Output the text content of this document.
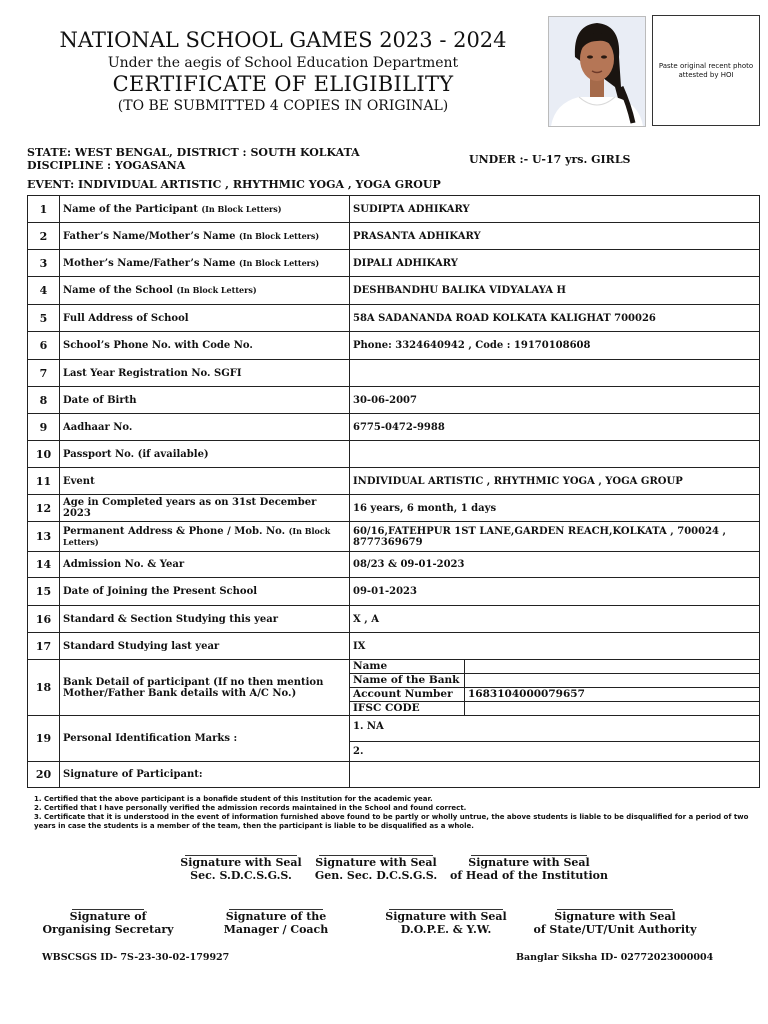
NATIONAL SCHOOL GAMES 2023 - 2024
Under the aegis of School Education Department
CERTIFICATE OF ELIGIBILITY
(TO BE SUBMITTED 4 COPIES IN ORIGINAL)
Paste original recent photo attested by HOI
STATE: WEST BENGAL, DISTRICT : SOUTH KOLKATA
DISCIPLINE : YOGASANA	UNDER :- U-17 yrs. GIRLS
EVENT: INDIVIDUAL ARTISTIC , RHYTHMIC YOGA , YOGA GROUP
1	Name of the Participant (In Block Letters)	SUDIPTA ADHIKARY
2	Father’s Name/Mother’s Name (In Block Letters)	PRASANTA ADHIKARY
3	Mother’s Name/Father’s Name (In Block Letters)	DIPALI ADHIKARY
4	Name of the School (In Block Letters)	DESHBANDHU BALIKA VIDYALAYA H
5	Full Address of School	58A SADANANDA ROAD KOLKATA KALIGHAT 700026
6	School’s Phone No. with Code No.	Phone: 3324640942 , Code : 19170108608
7	Last Year Registration No. SGFI	
8	Date of Birth	30-06-2007
9	Aadhaar No.	6775-0472-9988
10	Passport No. (if available)	
11	Event	INDIVIDUAL ARTISTIC , RHYTHMIC YOGA , YOGA GROUP
12	Age in Completed years as on 31st December 2023	16 years, 6 month, 1 days
13	Permanent Address & Phone / Mob. No. (In Block Letters)	60/16,FATEHPUR 1ST LANE,GARDEN REACH,KOLKATA , 700024 , 8777369679
14	Admission No. & Year	08/23 & 09-01-2023
15	Date of Joining the Present School	09-01-2023
16	Standard & Section Studying this year	X , A
17	Standard Studying last year	IX
18	Bank Detail of participant (If no then mention Mother/Father Bank details with A/C No.)	
Name	
Name of the Bank	
Account Number	1683104000079657
IFSC CODE	

19	Personal Identification Marks :	
1. NA
2.

20	Signature of Participant:	
1. Certified that the above participant is a bonafide student of this Institution for the academic year.
2. Certified that I have personally verified the admission records maintained in the School and found correct.
3. Certificate that it is understood in the event of information furnished above found to be partly or wholly untrue, the above students is liable to be disqualified for a period of two years in case the students is a member of the team, then the participant is liable to be disqualified as a whole.
Signature with Seal
Sec. S.D.C.S.G.S.
Signature with Seal
Gen. Sec. D.C.S.G.S.
Signature with Seal
of Head of the Institution
Signature of
Organising Secretary
Signature of the
Manager / Coach
Signature with Seal
D.O.P.E. & Y.W.
Signature with Seal
of State/UT/Unit Authority
WBSCSGS ID- 7S-23-30-02-179927	Banglar Siksha ID- 02772023000004
